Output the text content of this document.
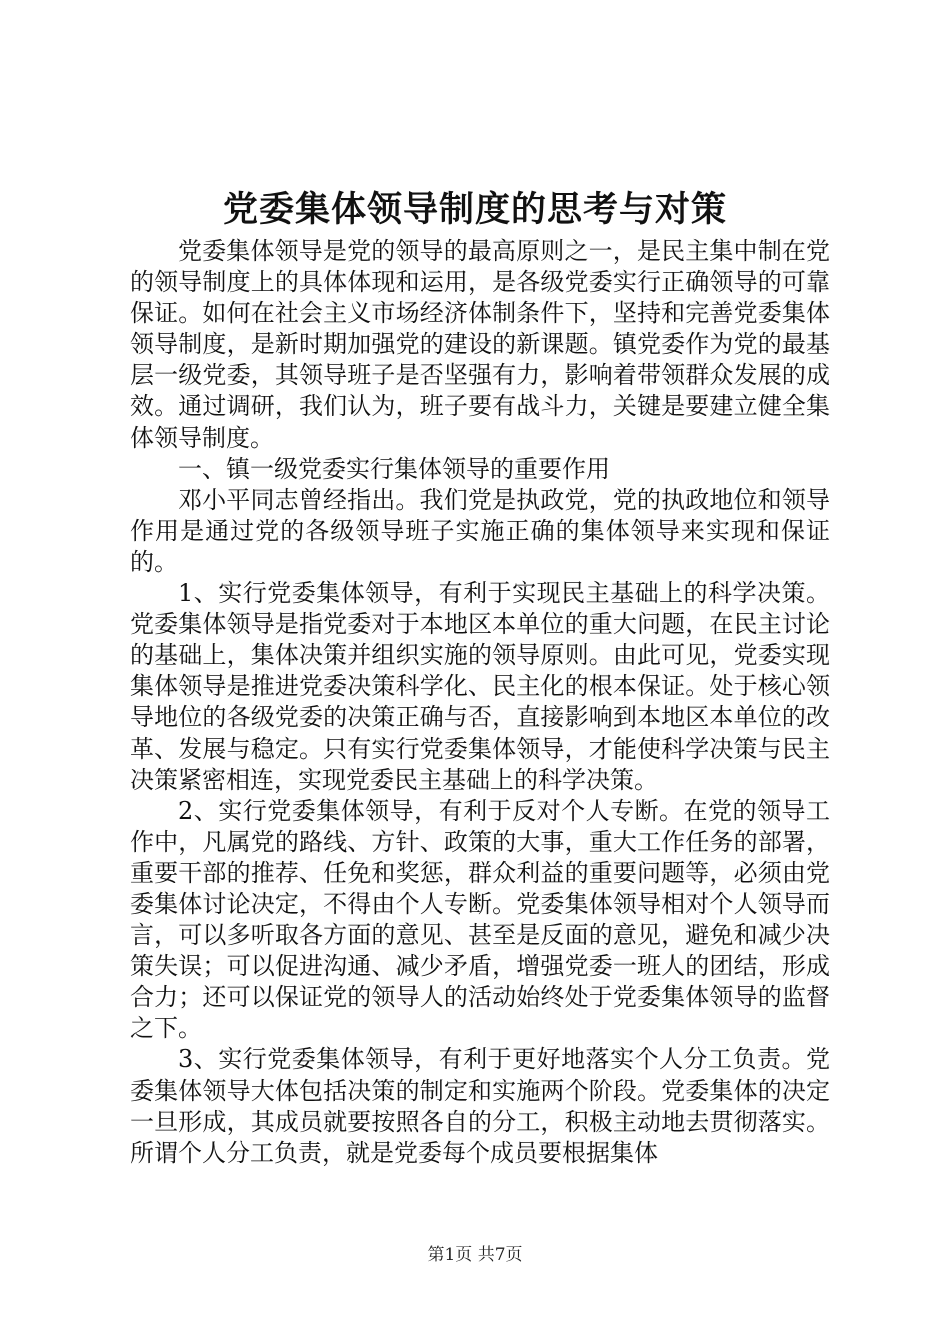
党委集体领导制度的思考与对策

党委集体领导是党的领导的最高原则之一，是民主集中制在党的领导制度上的具体体现和运用，是各级党委实行正确领导的可靠保证。如何在社会主义市场经济体制条件下，坚持和完善党委集体领导制度，是新时期加强党的建设的新课题。镇党委作为党的最基层一级党委，其领导班子是否坚强有力，影响着带领群众发展的成效。通过调研，我们认为，班子要有战斗力，关键是要建立健全集体领导制度。

一、镇一级党委实行集体领导的重要作用

邓小平同志曾经指出。我们党是执政党，党的执政地位和领导作用是通过党的各级领导班子实施正确的集体领导来实现和保证的。

1、实行党委集体领导，有利于实现民主基础上的科学决策。党委集体领导是指党委对于本地区本单位的重大问题，在民主讨论的基础上，集体决策并组织实施的领导原则。由此可见，党委实现集体领导是推进党委决策科学化、民主化的根本保证。处于核心领导地位的各级党委的决策正确与否，直接影响到本地区本单位的改革、发展与稳定。只有实行党委集体领导，才能使科学决策与民主决策紧密相连，实现党委民主基础上的科学决策。

2、实行党委集体领导，有利于反对个人专断。在党的领导工作中，凡属党的路线、方针、政策的大事，重大工作任务的部署，重要干部的推荐、任免和奖惩，群众利益的重要问题等，必须由党委集体讨论决定，不得由个人专断。党委集体领导相对个人领导而言，可以多听取各方面的意见、甚至是反面的意见，避免和减少决策失误；可以促进沟通、减少矛盾，增强党委一班人的团结，形成合力；还可以保证党的领导人的活动始终处于党委集体领导的监督之下。

3、实行党委集体领导，有利于更好地落实个人分工负责。党委集体领导大体包括决策的制定和实施两个阶段。党委集体的决定一旦形成，其成员就要按照各自的分工，积极主动地去贯彻落实。所谓个人分工负责，就是党委每个成员要根据集体

第1页 共7页
